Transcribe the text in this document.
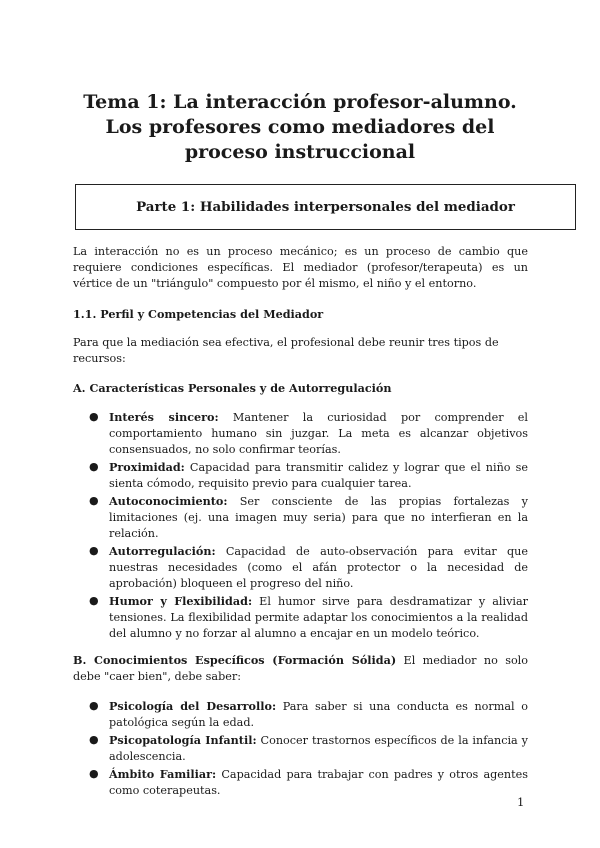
Tema 1: La interacción profesor-alumno. Los profesores como mediadores del proceso instruccional
Parte 1: Habilidades interpersonales del mediador

La interacción no es un proceso mecánico; es un proceso de cambio que requiere condiciones específicas. El mediador (profesor/terapeuta) es un vértice de un "triángulo" compuesto por él mismo, el niño y el entorno.

1.1. Perfil y Competencias del Mediador

Para que la mediación sea efectiva, el profesional debe reunir tres tipos de recursos:

A. Características Personales y de Autorregulación

● Interés sincero: Mantener la curiosidad por comprender el comportamiento humano sin juzgar. La meta es alcanzar objetivos consensuados, no solo confirmar teorías.
● Proximidad: Capacidad para transmitir calidez y lograr que el niño se sienta cómodo, requisito previo para cualquier tarea.
● Autoconocimiento: Ser consciente de las propias fortalezas y limitaciones (ej. una imagen muy seria) para que no interfieran en la relación.
● Autorregulación: Capacidad de auto-observación para evitar que nuestras necesidades (como el afán protector o la necesidad de aprobación) bloqueen el progreso del niño.
● Humor y Flexibilidad: El humor sirve para desdramatizar y aliviar tensiones. La flexibilidad permite adaptar los conocimientos a la realidad del alumno y no forzar al alumno a encajar en un modelo teórico.

B. Conocimientos Específicos (Formación Sólida) El mediador no solo debe "caer bien", debe saber:

● Psicología del Desarrollo: Para saber si una conducta es normal o patológica según la edad.
● Psicopatología Infantil: Conocer trastornos específicos de la infancia y adolescencia.
● Ámbito Familiar: Capacidad para trabajar con padres y otros agentes como coterapeutas.
1
